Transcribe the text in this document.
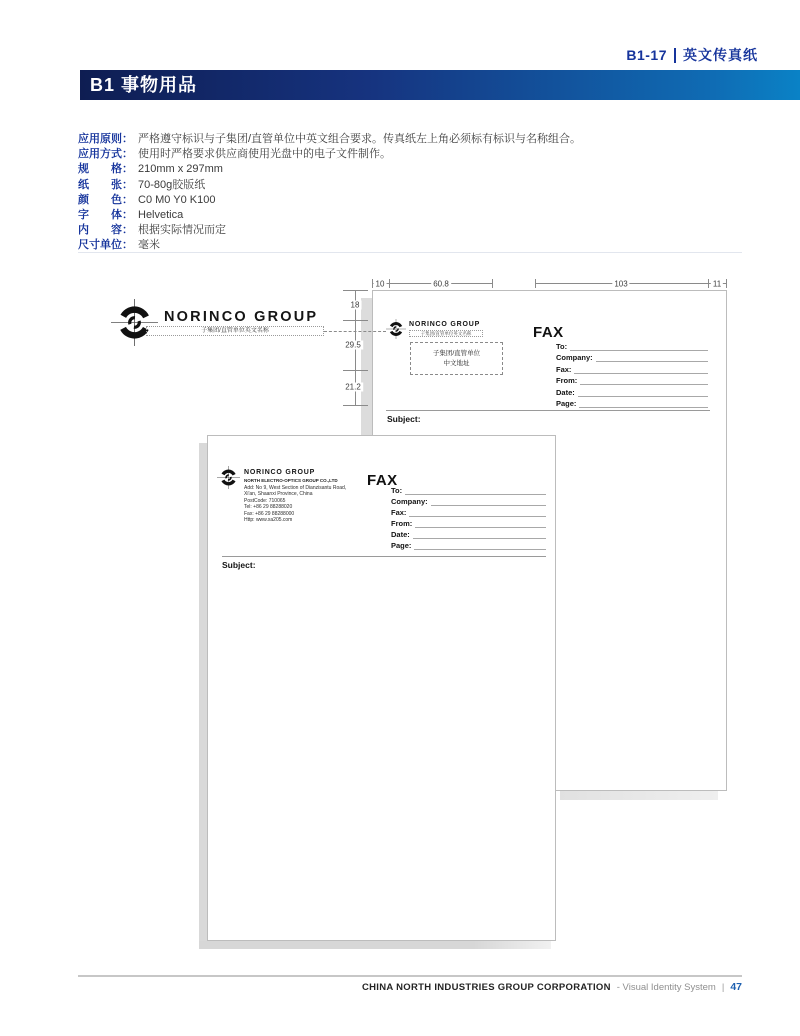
B1-17 英文传真纸
B1 事物用品
应用原则： 严格遵守标识与子集团/直管单位中英文组合要求。传真纸左上角必须标有标识与名称组合。
应用方式： 使用时严格要求供应商使用光盘中的电子文件制作。
规　　格： 210mm x 297mm
纸　　张： 70-80g胶版纸
颜　　色： C0 M0 Y0 K100
字　　体： Helvetica
内　　容： 根据实际情况而定
尺寸单位： 毫米
NORINCO GROUP
子集团/直管单位英文名称
10	60.8	103	11
18
29.5
21.2
NORINCO GROUP
子集团/直管单位英文名称
子集团/直管单位
中文地址
FAX
To:
Company:
Fax:
From:
Date:
Page:
Subject:
NORINCO GROUP
NORTH ELECTRO-OPTICS GROUP CO.,LTD
Add: No 9, West Section of Dianzisantu Road,
Xi'an, Shaanxi Province, China
PostCode: 710065
Tel: +86 29 88288020
Fax: +86 29 88288000
Http: www.xa205.com
FAX
To:
Company:
Fax:
From:
Date:
Page:
Subject:
CHINA NORTH INDUSTRIES GROUP CORPORATION - Visual Identity System | 47
